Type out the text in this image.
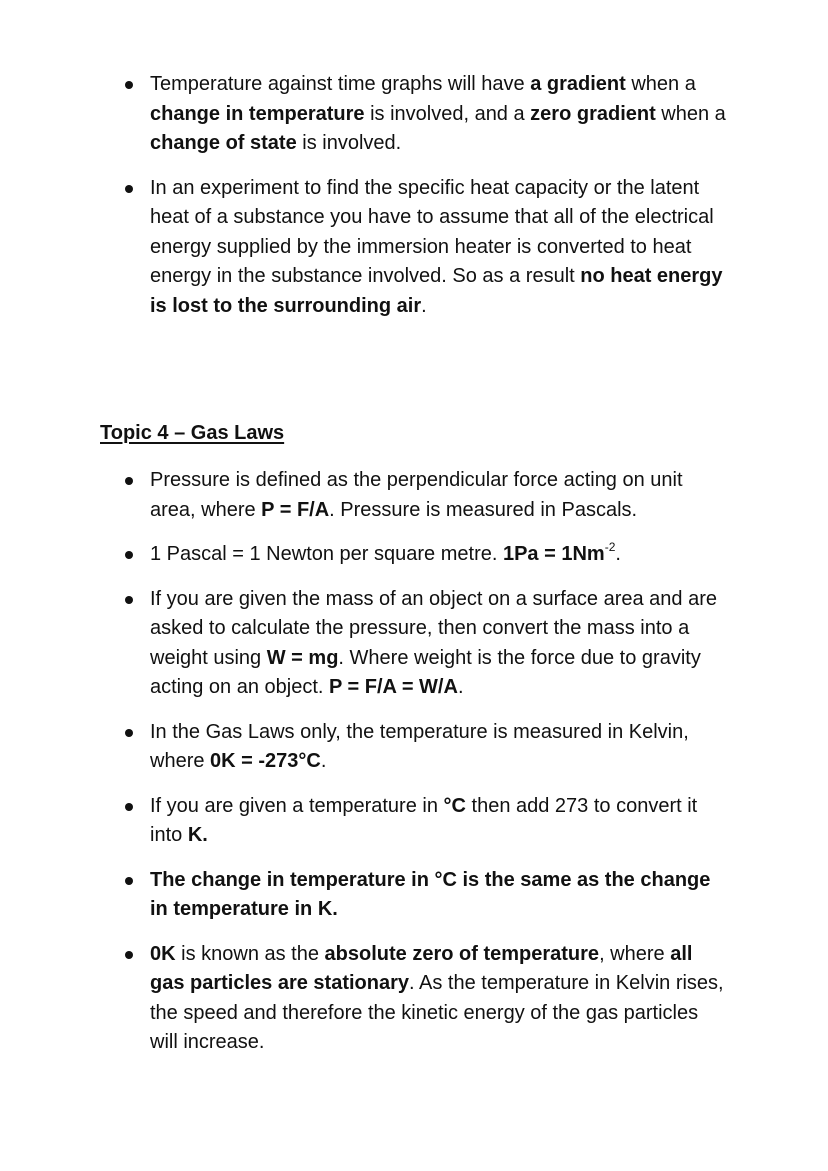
Temperature against time graphs will have a gradient when a change in temperature is involved, and a zero gradient when a change of state is involved.
In an experiment to find the specific heat capacity or the latent heat of a substance you have to assume that all of the electrical energy supplied by the immersion heater is converted to heat energy in the substance involved. So as a result no heat energy is lost to the surrounding air.
Topic 4 – Gas Laws
Pressure is defined as the perpendicular force acting on unit area, where P = F/A. Pressure is measured in Pascals.
1 Pascal = 1 Newton per square metre. $1Pa = 1Nm^{-2}$.
If you are given the mass of an object on a surface area and are asked to calculate the pressure, then convert the mass into a weight using W = mg. Where weight is the force due to gravity acting on an object. P = F/A = W/A.
In the Gas Laws only, the temperature is measured in Kelvin, where 0K = -273°C.
If you are given a temperature in °C then add 273 to convert it into K.
The change in temperature in °C is the same as the change in temperature in K.
0K is known as the absolute zero of temperature, where all gas particles are stationary. As the temperature in Kelvin rises, the speed and therefore the kinetic energy of the gas particles will increase.
